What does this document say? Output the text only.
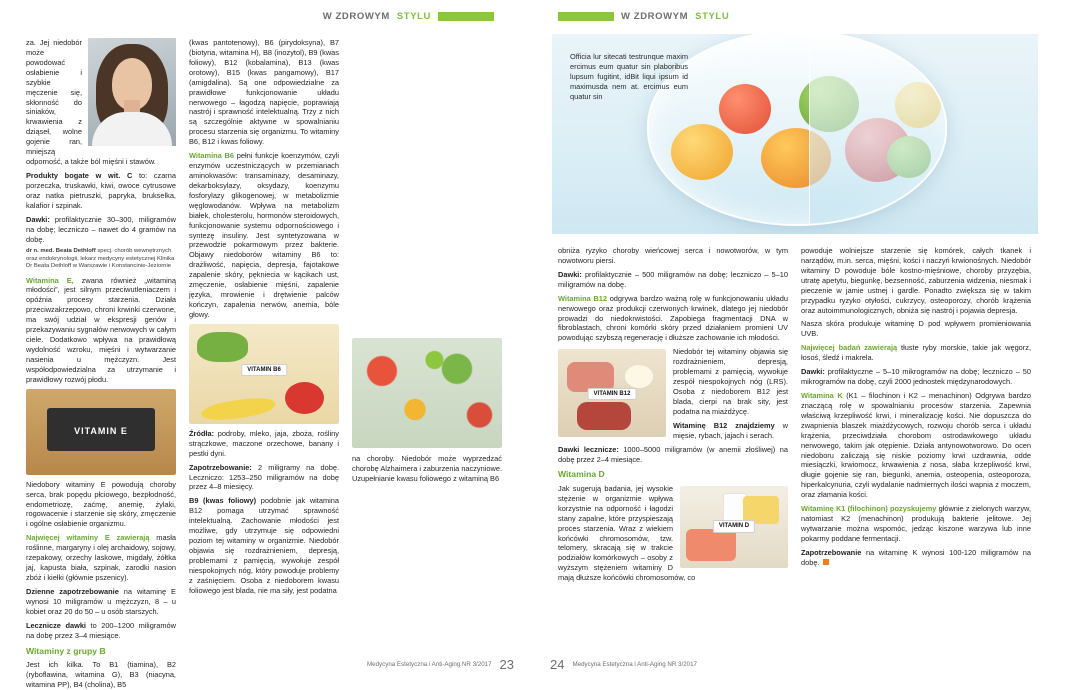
W ZDROWYM STYLU

za. Jej niedobór może powodować osłabienie i szybkie męczenie się, skłonność do siniaków, krwawienia z dziąseł, wolne gojenie ran, mniejszą odporność, a także ból mięśni i stawów.

Produkty bogate w wit. C to: czarna porzeczka, truskawki, kiwi, owoce cytrusowe oraz natka pietruszki, papryka, brukselka, kalafior i szpinak.

Dawki: profilaktycznie 30–300, miligramów na dobę; leczniczo – nawet do 4 gramów na dobę.

dr n. med. Beata Dethloff specj. chorób wewnętrznych oraz endokrynologii, lekarz medycyny estetycznej Klinika Dr Beata Dethloff w Warszawie i Konstancinie-Jeziornie

Witamina E, zwana również „witaminą młodości”, jest silnym przeciwutleniaczem i opóźnia procesy starzenia. Działa przeciwzakrzepowo, chroni krwinki czerwone, ma swój udział w ekspresji genów i przekazywaniu sygnałów nerwowych w całym ciele. Dodatkowo wpływa na prawidłową wydolność wzroku, mięśni i wytwarzanie nasienia u mężczyzn. Jest współodpowiedzialna za utrzymanie i prawidłowy rozwój płodu.

VITAMIN E

Niedobory witaminy E powodują choroby serca, brak popędu płciowego, bezpłodność, endometriozę, zaćmę, anemię, żylaki, rogowacenie i starzenie się skóry, zmęczenie i ogólne osłabienie organizmu.

Najwięcej witaminy E zawierają masła roślinne, margaryny i olej archaidowy, sojowy, rzepakowy, orzechy laskowe, migdały, żółtka jaj, kapusta biała, szpinak, zarodki nasion zbóż i kiełki (głównie pszenicy).

Dzienne zapotrzebowanie na witaminę E wynosi 10 miligramów u mężczyzn, 8 – u kobiet oraz 20 do 50 – u osób starszych.

Lecznicze dawki to 200–1200 miligramów na dobę przez 3–4 miesiące.

Witaminy z grupy B

Jest ich kilka. To B1 (tiamina), B2 (ryboflawina, witamina G), B3 (niacyna, witamina PP), B4 (cholina), B5

(kwas pantotenowy), B6 (pirydoksyna), B7 (biotyna, witamina H), B8 (inozytol), B9 (kwas foliowy), B12 (kobalamina), B13 (kwas orotowy), B15 (kwas pangamowy), B17 (amigdalina). Są one odpowiedzialne za prawidłowe funkcjonowanie układu nerwowego – łagodzą napięcie, poprawiają nastrój i sprawność intelektualną. Trzy z nich są szczególnie aktywne w spowalnianiu procesu starzenia się organizmu. To witaminy B6, B12 i kwas foliowy.

Witamina B6 pełni funkcje koenzymów, czyli enzymów uczestniczących w przemianach aminokwasów: transaminazy, desaminazy, dekarboksylazy, oksydazy, koenzymu fosforylazy glikogenowej, w metabolizmie węglowodanów. Wpływa na metabolizm białek, cholesterolu, hormonów steroidowych, funkcjonowanie systemu odpornościowego i syntezę insuliny. Jest syntetyzowana w przewodzie pokarmowym przez bakterie. Objawy niedoborów witaminy B6 to: drażliwość, napięcia, depresja, fajotakowe zapalenie skóry, pękniecia w kącikach ust, zmęczenie, osłabienie mięśni, zapalenie języka, mrowienie i drętwienie palców kończyn, zapalenia nerwów, anemia, bóle głowy.

VITAMIN B6

Źródła: podroby, mleko, jaja, zboża, rośliny strączkowe, maczone orzechowe, banany i pestki dyni.

Zapotrzebowanie: 2 miligramy na dobę. Leczniczo: 1253–250 miligramów na dobę przez 4–8 miesięcy.

B9 (kwas foliowy) podobnie jak witamina B12 pomaga utrzymać sprawność intelektualną. Zachowanie młodości jest możliwe, gdy utrzymuje się odpowiedni poziom tej witaminy w organizmie. Niedobór objawia się rozdrażnieniem, depresją, problemami z pamięcią, wywołuje zespół niespokojnych nóg, który powoduje problemy z zaśnięciem. Osoba z niedoborem kwasu foliowego jest blada, nie ma siły, jest podatna

na choroby. Niedobór może wyprzedzać chorobę Alzhaimera i zaburzenia naczyniowe. Uzupełnianie kwasu foliowego z witaminą B6

Medycyna Estetyczna i Anti-Aging NR 3/2017 23
W ZDROWYM STYLU
Officia lur sitecati testrunque maxim ercimus eum quatur sin plaboribus lupsum fugitint, idBit liqui ipsum id maximusda nem at. ercimus eum quatur sin

obniża ryzyko choroby wieńcowej serca i nowotworów, w tym nowotworu piersi.

Dawki: profilaktycznie – 500 miligramów na dobę; leczniczo – 5–10 miligramów na dobę.

Witamina B12 odgrywa bardzo ważną rolę w funkcjonowaniu układu nerwowego oraz produkcji czerwonych krwinek, dlatego jej niedobór prowadzi do niedokrwistości. Zapobiega fragmentacji DNA w fibroblastach, chroni komórki skóry przed działaniem promieni UV powodując szybszą regenerację i dłuższe zachowanie ich młodości.

VITAMIN B12

Niedobór tej witaminy objawia się rozdrażnieniem, depresją, problemami z pamięcią, wywołuje zespół niespokojnych nóg (LRS). Osoba z niedoborem B12 jest blada, cierpi na brak sity, jest podatna na miażdżycę.

Witaminę B12 znajdziemy w mięsie, rybach, jajach i serach.

Dawki lecznicze: 1000–5000 miligramów (w anemii złośliwej) na dobę przez 2–4 miesiące.

Witamina D
VITAMIN D

Jak sugerują badania, jej wysokie stężenie w organizmie wpływa korzystnie na odporność i łagodzi stany zapalne, które przyspieszają proces starzenia. Wraz z wiekiem końcówki chromosomów, tzw. telomery, skracają się w trakcie podziałów komórkowych – osoby z wyższym stężeniem witaminy D mają dłuższe końcówki chromosomów, co

powoduje wolniejsze starzenie się komórek, całych tkanek i narządów, m.in. serca, mięśni, kości i naczyń krwionośnych. Niedobór witaminy D powoduje bóle kostno-mięśniowe, choroby przyzębia, utratę apetytu, biegunkę, bezsenność, zaburzenia widzenia, niesmak i pieczenie w jamie ustnej i gardle. Ponadto zwiększa się w takim przypadku ryzyko otyłości, cukrzycy, osteoporozy, chorób krążenia oraz autoimmunologicznych, obniża się nastrój i pojawia depresja.

Nasza skóra produkuje witaminę D pod wpływem promieniowania UVB.

Najwięcej badań zawierają tłuste ryby morskie, takie jak węgorz, łosoś, śledź i makrela.

Dawki: profilaktyczne – 5–10 mikrogramów na dobę; leczniczo – 50 mikrogramów na dobę, czyli 2000 jednostek międzynarodowych.

Witamina K (K1 – filochinon i K2 – menachinon) Odgrywa bardzo znaczącą rolę w spowalnianiu procesów starzenia. Zapewnia właściwą krzepliwość krwi, i mineralizację kości. Nie dopuszcza do zwapnienia blaszek miażdżycowych, rozwoju chorób serca i układu krążenia, przeciwdziała chorobom ostrodawkowego układu nerwowego, takim jak otępienie. Działa antynowotworowo. Do ocen niedoboru zaliczają się niskie poziomy krwi uzdrawnia, odde miesiączki, krwiomocz, krwawienia z nosa, słaba krzepliwość krwi, długie gojenie się ran, biegunki, anemia, osteopenia, osteoporoza, hiperkalcynuria, czyli wydalanie nadmiernych ilości wapnia z moczem, oraz złamania kości.

Witaminę K1 (filochinon) pozyskujemy głównie z zielonych warzyw, natomiast K2 (menachinon) produkują bakterie jelitowe. Jej wytwarzanie można wspomóc, jedząc kiszone warzywa lub inne pokarmy poddane fermentacji.

Zapotrzebowanie na witaminę K wynosi 100-120 miligramów na dobę.

24 Medycyna Estetyczna i Anti-Aging NR 3/2017
